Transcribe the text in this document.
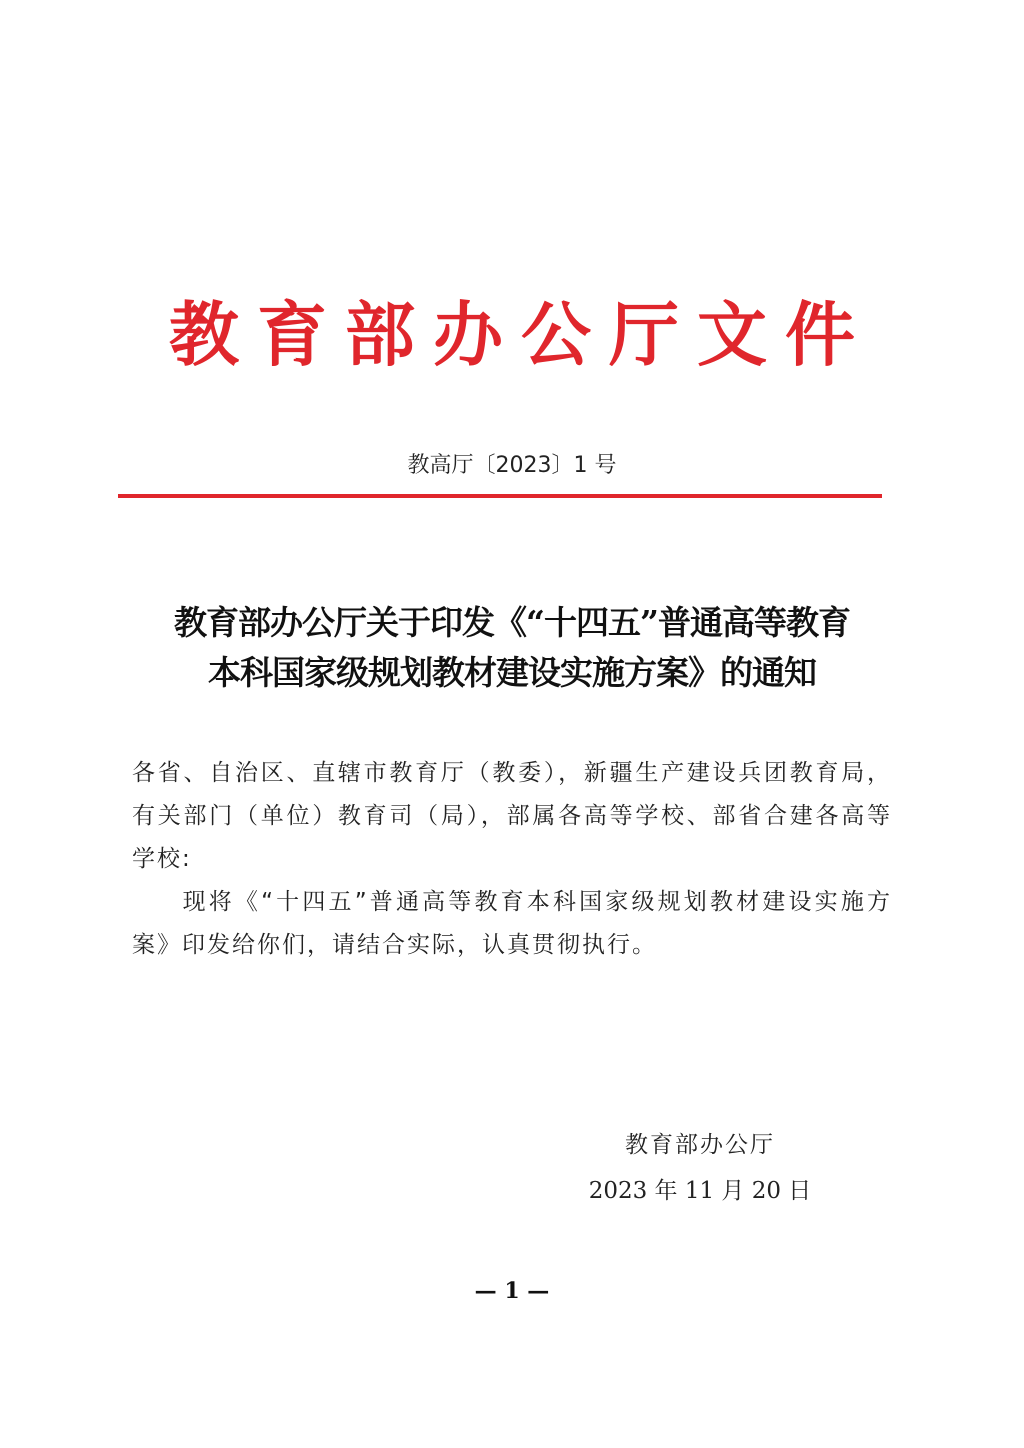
教育部办公厅文件
教高厅〔2023〕1 号
教育部办公厅关于印发《“十四五”普通高等教育
本科国家级规划教材建设实施方案》的通知
各省、自治区、直辖市教育厅（教委），新疆生产建设兵团教育局，有关部门（单位）教育司（局），部属各高等学校、部省合建各高等学校:
现将《“十四五”普通高等教育本科国家级规划教材建设实施方案》印发给你们，请结合实际，认真贯彻执行。
教育部办公厅
2023 年 11 月 20 日
— 1 —
